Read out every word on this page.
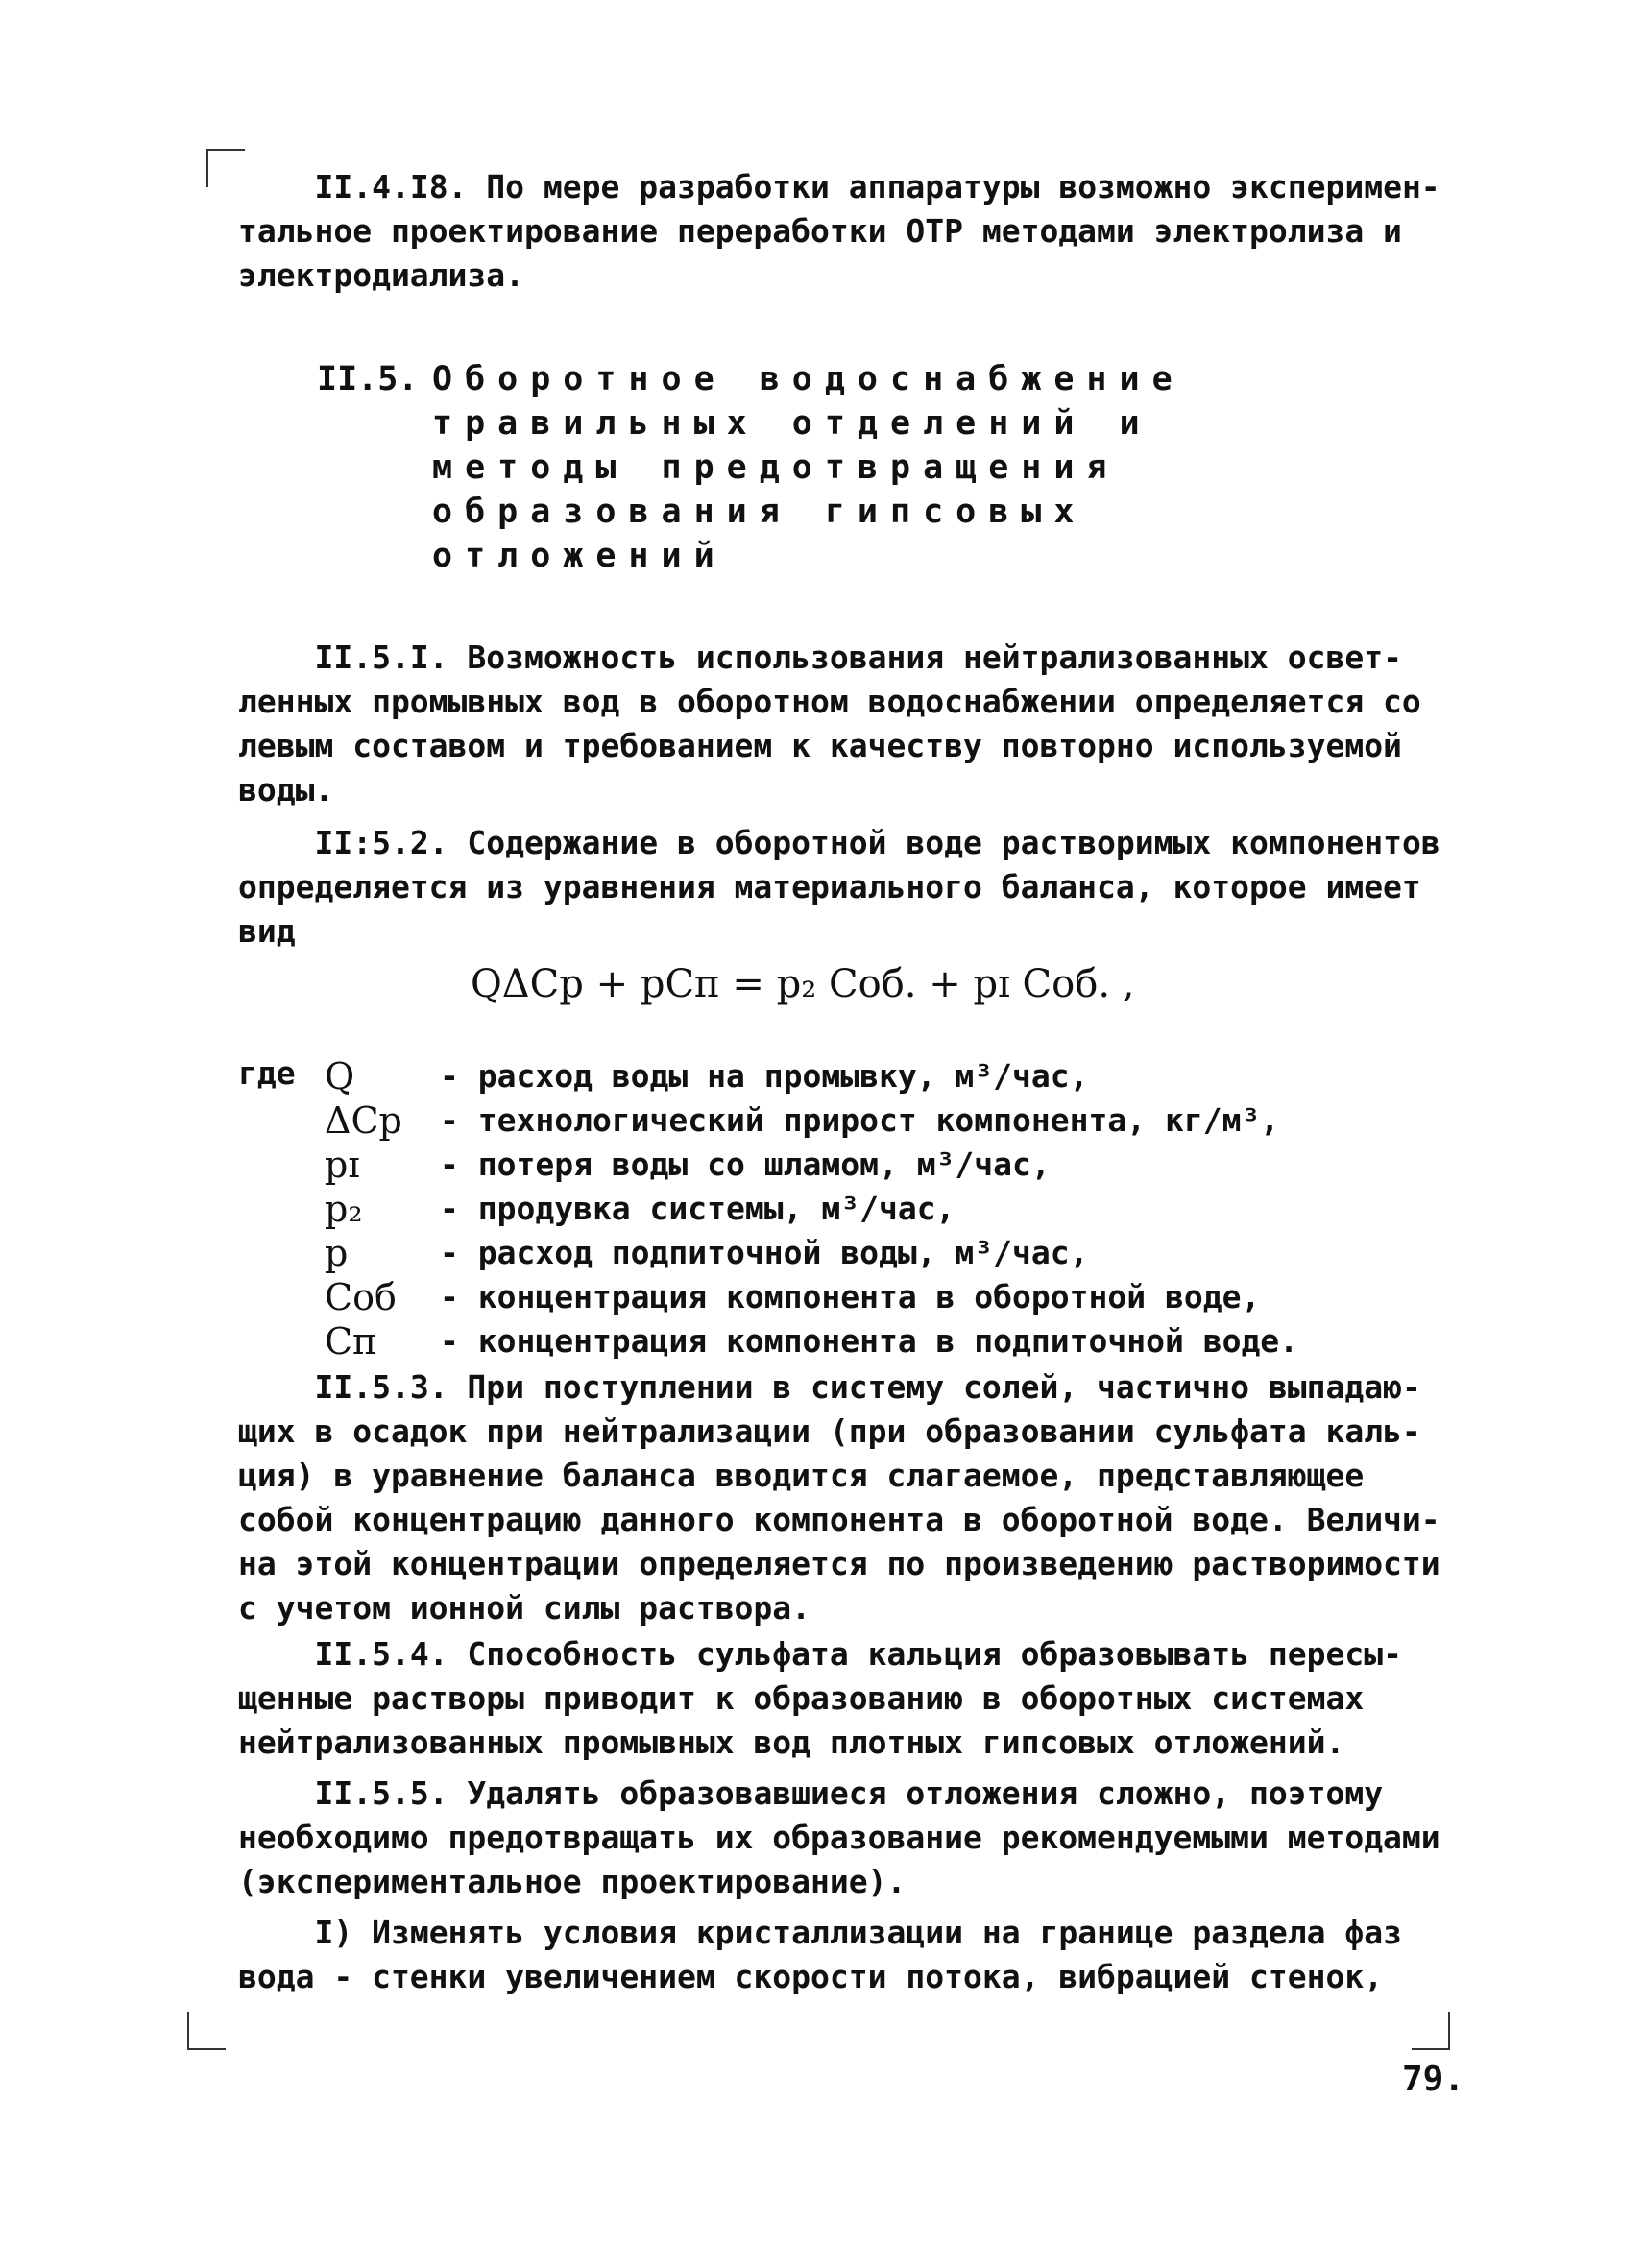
II.4.I8. По мере разработки аппаратуры возможно эксперимен-
тальное проектирование переработки ОТР методами электролиза и
электродиализа.
II.5. Оборотное водоснабжение
травильных отделений и
методы предотвращения
образования гипсовых
отложений
II.5.I. Возможность использования нейтрализованных освет-
ленных промывных вод в оборотном водоснабжении определяется со
левым составом и требованием к качеству повторно используемой
воды.
II:5.2. Содержание в оборотной воде растворимых компонентов
определяется из уравнения материального баланса, которое имеет
вид
QΔCp + pCп = p₂ Cоб. + pɪ Cоб. ,
где Q	- расход воды на промывку, м³/час,
ΔCp	- технологический прирост компонента, кг/м³,
pɪ	- потеря воды со шламом, м³/час,
p₂	- продувка системы, м³/час,
p	- расход подпиточной воды, м³/час,
Cоб	- концентрация компонента в оборотной воде,
Cп	- концентрация компонента в подпиточной воде.
II.5.3. При поступлении в систему солей, частично выпадаю-
щих в осадок при нейтрализации (при образовании сульфата каль-
ция) в уравнение баланса вводится слагаемое, представляющее
собой концентрацию данного компонента в оборотной воде. Величи-
на этой концентрации определяется по произведению растворимости
с учетом ионной силы раствора.
II.5.4. Способность сульфата кальция образовывать пересы-
щенные растворы приводит к образованию в оборотных системах
нейтрализованных промывных вод плотных гипсовых отложений.
II.5.5. Удалять образовавшиеся отложения сложно, поэтому
необходимо предотвращать их образование рекомендуемыми методами
(экспериментальное проектирование).
I) Изменять условия кристаллизации на границе раздела фаз
вода - стенки увеличением скорости потока, вибрацией стенок,
79.
